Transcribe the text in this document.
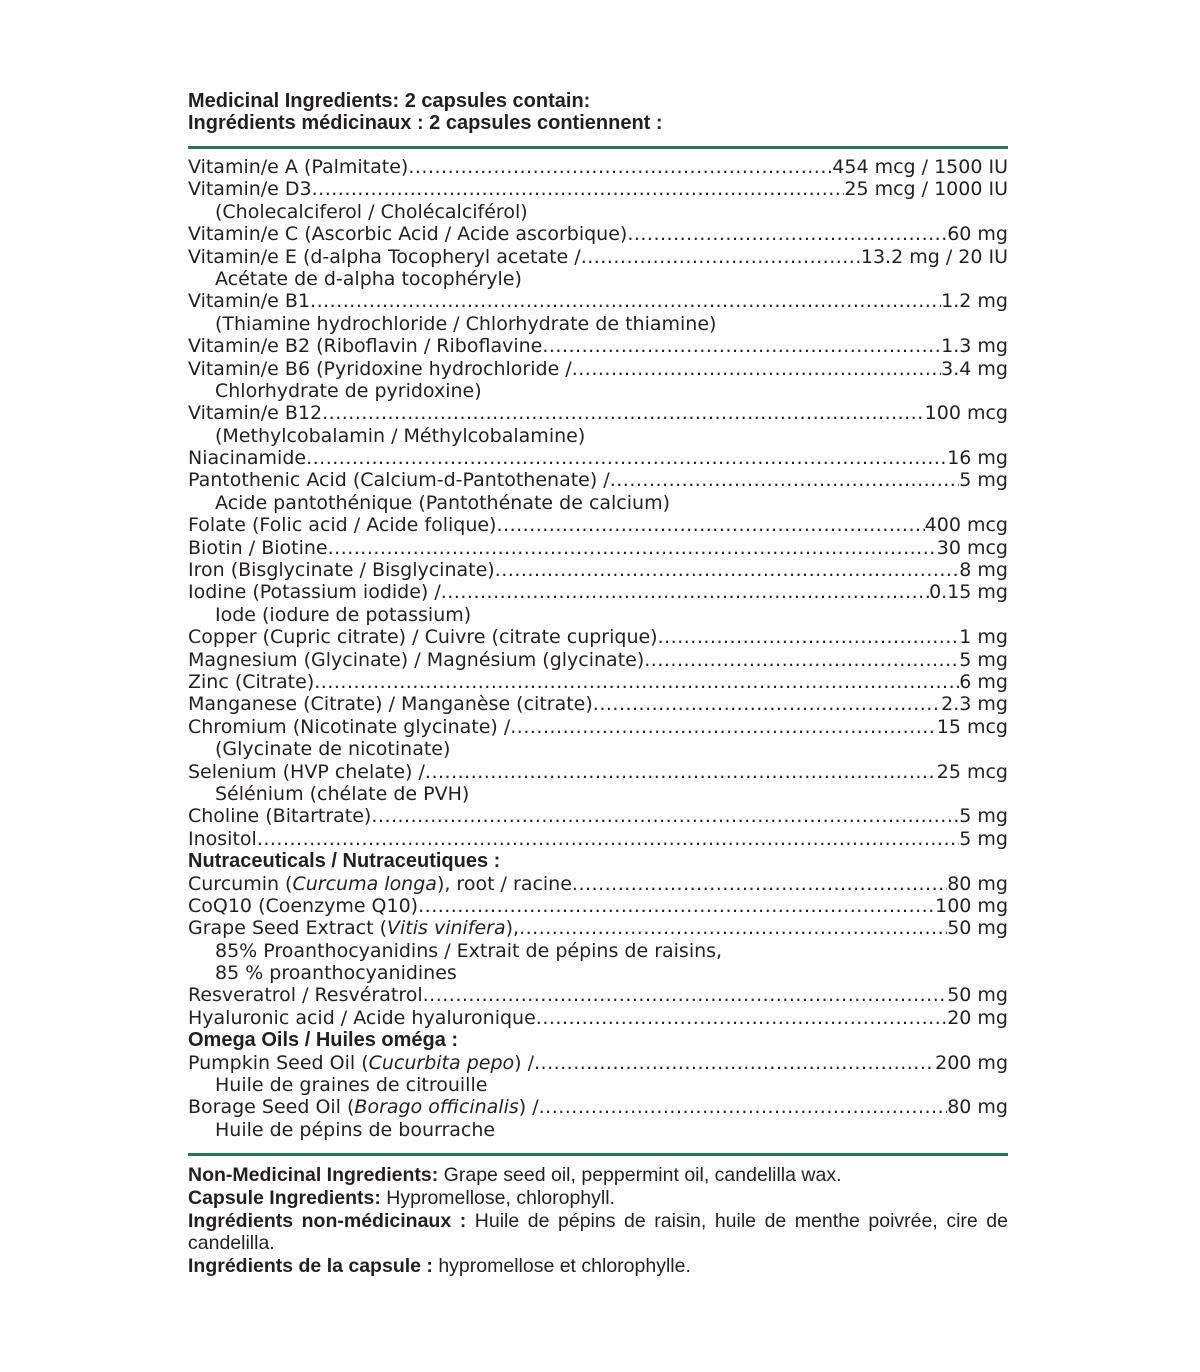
Medicinal Ingredients: 2 capsules contain:
Ingrédients médicinaux : 2 capsules contiennent :
Vitamin/e A (Palmitate) .....	454 mcg / 1500 IU
Vitamin/e D3 .....	25 mcg / 1000 IU
(Cholecalciferol / Cholécalciférol)
Vitamin/e C (Ascorbic Acid / Acide ascorbique) .....	60 mg
Vitamin/e E (d-alpha Tocopheryl acetate / .....	13.2 mg / 20 IU
Acétate de d-alpha tocophéryle)
Vitamin/e B1 .....	1.2 mg
(Thiamine hydrochloride / Chlorhydrate de thiamine)
Vitamin/e B2 (Riboflavin / Riboflavine .....	1.3 mg
Vitamin/e B6 (Pyridoxine hydrochloride / .....	3.4 mg
Chlorhydrate de pyridoxine)
Vitamin/e B12 .....	100 mcg
(Methylcobalamin / Méthylcobalamine)
Niacinamide .....	16 mg
Pantothenic Acid (Calcium-d-Pantothenate) / .....	5 mg
Acide pantothénique (Pantothénate de calcium)
Folate (Folic acid / Acide folique) .....	400 mcg
Biotin / Biotine .....	30 mcg
Iron (Bisglycinate / Bisglycinate) .....	8 mg
Iodine (Potassium iodide) / .....	0.15 mg
Iode (iodure de potassium)
Copper (Cupric citrate) / Cuivre (citrate cuprique) .....	1 mg
Magnesium (Glycinate) / Magnésium (glycinate) .....	5 mg
Zinc (Citrate) .....	6 mg
Manganese (Citrate) / Manganèse (citrate) .....	2.3 mg
Chromium (Nicotinate glycinate) / .....	15 mcg
(Glycinate de nicotinate)
Selenium (HVP chelate) / .....	25 mcg
Sélénium (chélate de PVH)
Choline (Bitartrate) .....	5 mg
Inositol .....	5 mg
Nutraceuticals / Nutraceutiques :
Curcumin (Curcuma longa), root / racine .....	80 mg
CoQ10 (Coenzyme Q10) .....	100 mg
Grape Seed Extract (Vitis vinifera), .....	50 mg
85% Proanthocyanidins / Extrait de pépins de raisins,
85 % proanthocyanidines
Resveratrol / Resvératrol .....	50 mg
Hyaluronic acid / Acide hyaluronique .....	20 mg
Omega Oils / Huiles oméga :
Pumpkin Seed Oil (Cucurbita pepo) / .....	200 mg
Huile de graines de citrouille
Borage Seed Oil (Borago officinalis) / .....	80 mg
Huile de pépins de bourrache

Non-Medicinal Ingredients: Grape seed oil, peppermint oil, candelilla wax.

Capsule Ingredients: Hypromellose, chlorophyll.

Ingrédients non-médicinaux : Huile de pépins de raisin, huile de menthe poivrée, cire de candelilla.

Ingrédients de la capsule : hypromellose et chlorophylle.
